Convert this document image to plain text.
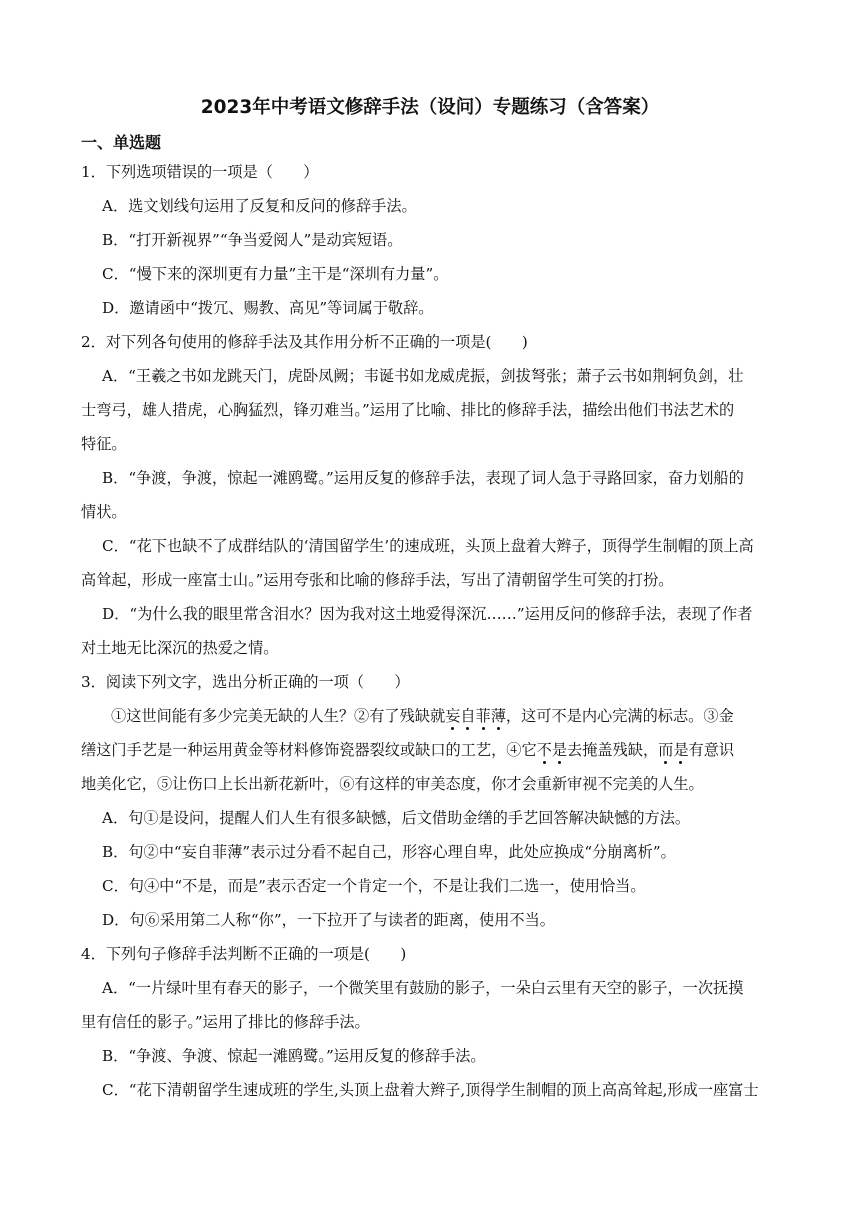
2023年中考语文修辞手法（设问）专题练习（含答案）
一、单选题
1．下列选项错误的一项是（　　）
A．选文划线句运用了反复和反问的修辞手法。
B．“打开新视界”“争当爱阅人”是动宾短语。
C．“慢下来的深圳更有力量”主干是“深圳有力量”。
D．邀请函中“拨冗、赐教、高见”等词属于敬辞。
2．对下列各句使用的修辞手法及其作用分析不正确的一项是(　　)
A．“王羲之书如龙跳天门，虎卧凤阙；韦诞书如龙威虎振，剑拔弩张；萧子云书如荆轲负剑，壮
士弯弓，雄人措虎，心胸猛烈，锋刃难当。”运用了比喻、排比的修辞手法，描绘出他们书法艺术的
特征。
B．“争渡，争渡，惊起一滩鸥鹭。”运用反复的修辞手法，表现了词人急于寻路回家，奋力划船的
情状。
C．“花下也缺不了成群结队的‘清国留学生’的速成班，头顶上盘着大辫子，顶得学生制帽的顶上高
高耸起，形成一座富士山。”运用夸张和比喻的修辞手法，写出了清朝留学生可笑的打扮。
D．“为什么我的眼里常含泪水？因为我对这土地爱得深沉……”运用反问的修辞手法，表现了作者
对土地无比深沉的热爱之情。
3．阅读下列文字，选出分析正确的一项（　　）
①这世间能有多少完美无缺的人生？②有了残缺就妄自菲薄，这可不是内心完满的标志。③金
缮这门手艺是一种运用黄金等材料修饰瓷器裂纹或缺口的工艺，④它不是去掩盖残缺，而是有意识
地美化它，⑤让伤口上长出新花新叶，⑥有这样的审美态度，你才会重新审视不完美的人生。
A．句①是设问，提醒人们人生有很多缺憾，后文借助金缮的手艺回答解决缺憾的方法。
B．句②中“妄自菲薄”表示过分看不起自己，形容心理自卑，此处应换成“分崩离析”。
C．句④中“不是，而是”表示否定一个肯定一个，不是让我们二选一，使用恰当。
D．句⑥采用第二人称“你”，一下拉开了与读者的距离，使用不当。
4．下列句子修辞手法判断不正确的一项是(　　)
A．“一片绿叶里有春天的影子，一个微笑里有鼓励的影子，一朵白云里有天空的影子，一次抚摸
里有信任的影子。”运用了排比的修辞手法。
B．“争渡、争渡、惊起一滩鸥鹭。”运用反复的修辞手法。
C．“花下清朝留学生速成班的学生,头顶上盘着大辫子,顶得学生制帽的顶上高高耸起,形成一座富士
